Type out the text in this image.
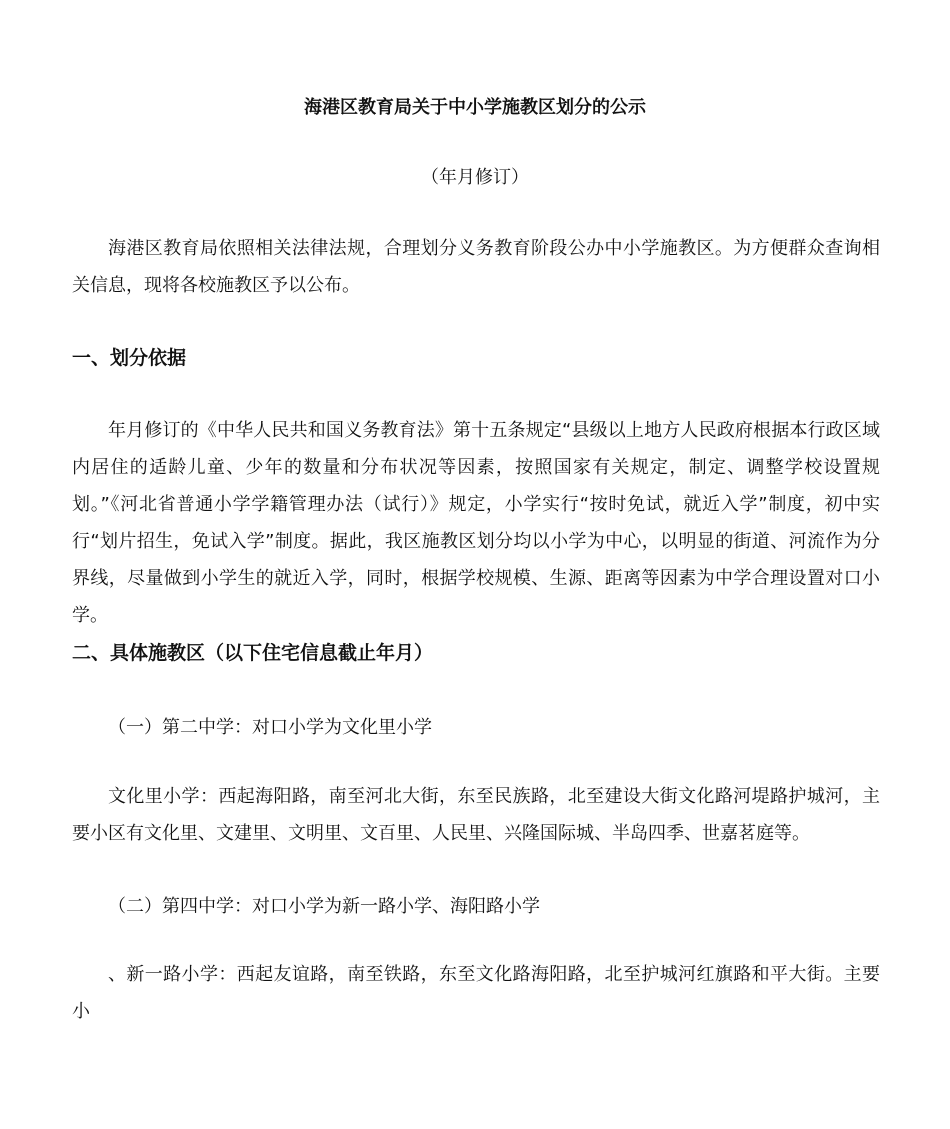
海港区教育局关于中小学施教区划分的公示
（年月修订）

海港区教育局依照相关法律法规，合理划分义务教育阶段公办中小学施教区。为方便群众查询相关信息，现将各校施教区予以公布。

一、划分依据

年月修订的《中华人民共和国义务教育法》第十五条规定“县级以上地方人民政府根据本行政区域内居住的适龄儿童、少年的数量和分布状况等因素，按照国家有关规定，制定、调整学校设置规划。”《河北省普通小学学籍管理办法（试行）》规定，小学实行“按时免试，就近入学”制度，初中实行“划片招生，免试入学”制度。据此，我区施教区划分均以小学为中心，以明显的街道、河流作为分界线，尽量做到小学生的就近入学，同时，根据学校规模、生源、距离等因素为中学合理设置对口小学。

二、具体施教区（以下住宅信息截止年月）
（一）第二中学：对口小学为文化里小学

文化里小学：西起海阳路，南至河北大街，东至民族路，北至建设大街文化路河堤路护城河，主要小区有文化里、文建里、文明里、文百里、人民里、兴隆国际城、半岛四季、世嘉茗庭等。

（二）第四中学：对口小学为新一路小学、海阳路小学

、新一路小学：西起友谊路，南至铁路，东至文化路海阳路，北至护城河红旗路和平大街。主要小
